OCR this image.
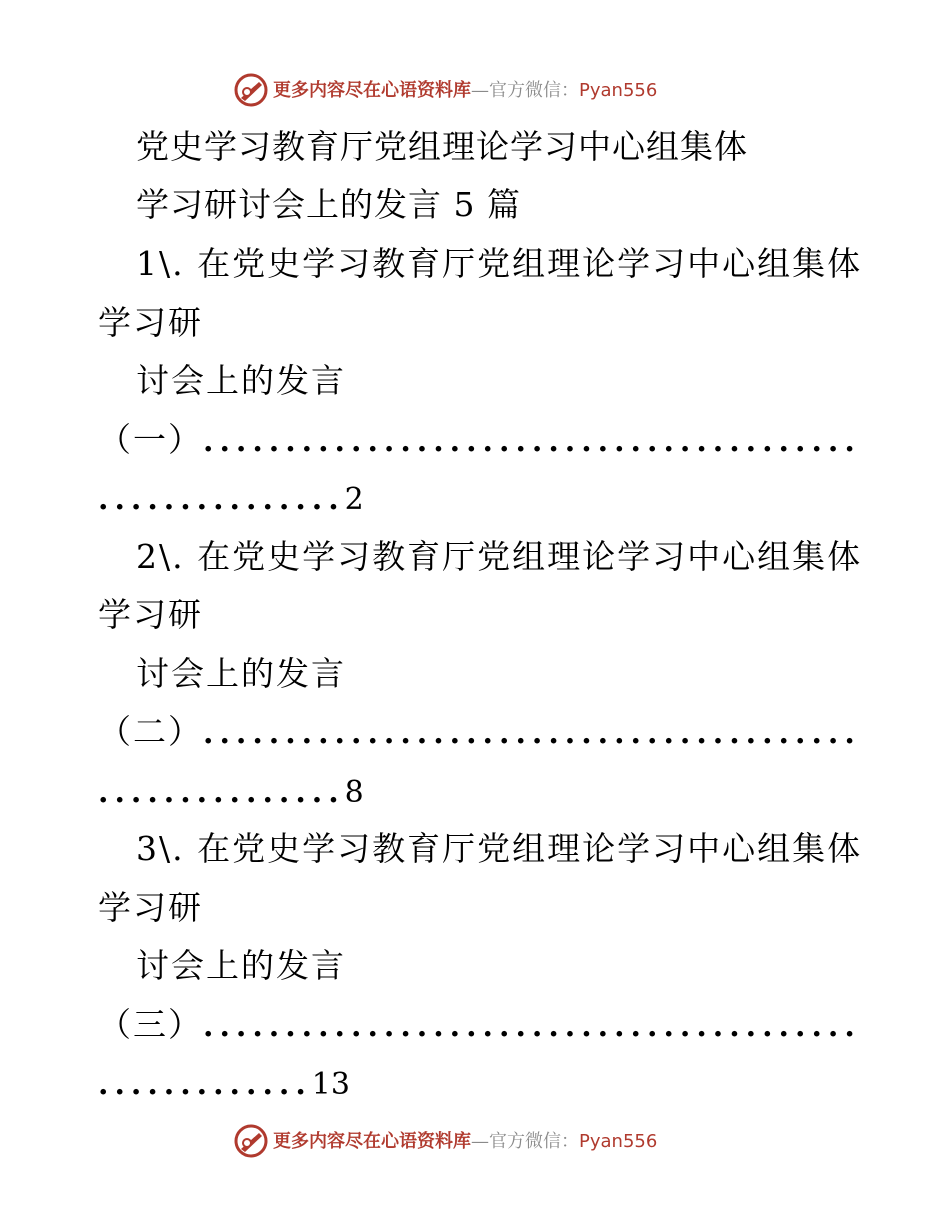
更多内容尽在心语资料库—官方微信：Pyan556
党史学习教育厅党组理论学习中心组集体
学习研讨会上的发言 5 篇
1\. 在党史学习教育厅党组理论学习中心组集体
学习研
讨会上的发言
（一）........................................
...............2
2\. 在党史学习教育厅党组理论学习中心组集体
学习研
讨会上的发言
（二）........................................
...............8
3\. 在党史学习教育厅党组理论学习中心组集体
学习研
讨会上的发言
（三）........................................
.............13
更多内容尽在心语资料库—官方微信：Pyan556
